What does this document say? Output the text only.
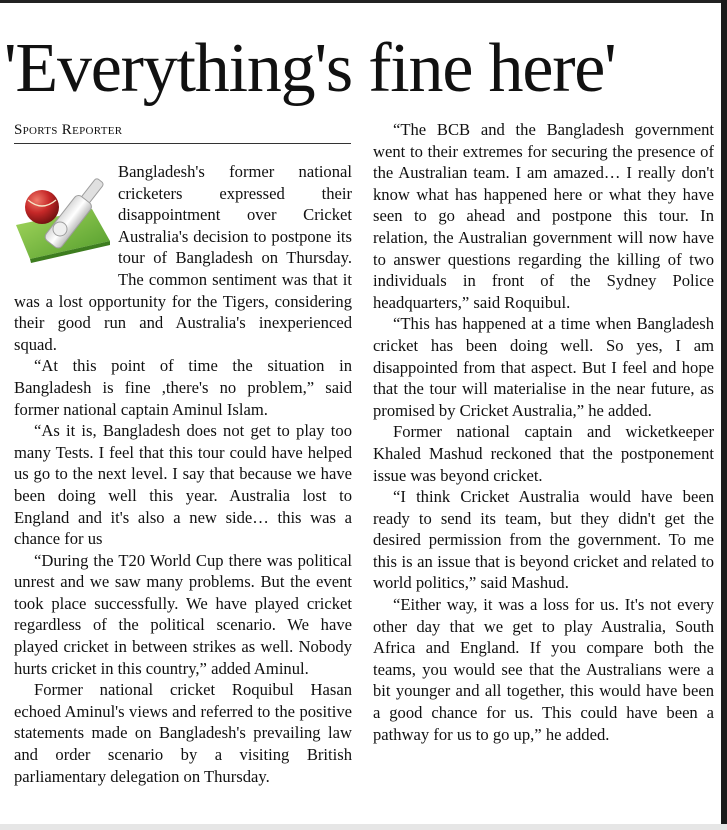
'Everything's fine here'
Sports Reporter

Bangladesh's former national cricketers expressed their disappointment over Cricket Australia's decision to postpone its tour of Bangladesh on Thursday. The common sentiment was that it was a lost opportunity for the Tigers, considering their good run and Australia's inexperienced squad.

“At this point of time the situation in Bangladesh is fine ,there's no problem,” said former national captain Aminul Islam.

“As it is, Bangladesh does not get to play too many Tests. I feel that this tour could have helped us go to the next level. I say that because we have been doing well this year. Australia lost to England and it's also a new side… this was a chance for us

“During the T20 World Cup there was political unrest and we saw many problems. But the event took place successfully. We have played cricket regardless of the political scenario. We have played cricket in between strikes as well. Nobody hurts cricket in this country,” added Aminul.

Former national cricket Roquibul Hasan echoed Aminul's views and referred to the positive statements made on Bangladesh's prevailing law and order scenario by a visiting British parliamentary delegation on Thursday.

“The BCB and the Bangladesh government went to their extremes for securing the presence of the Australian team. I am amazed… I really don't know what has happened here or what they have seen to go ahead and postpone this tour. In relation, the Australian government will now have to answer questions regarding the killing of two individuals in front of the Sydney Police headquarters,” said Roquibul.

“This has happened at a time when Bangladesh cricket has been doing well. So yes, I am disappointed from that aspect. But I feel and hope that the tour will materialise in the near future, as promised by Cricket Australia,” he added.

Former national captain and wicketkeeper Khaled Mashud reckoned that the postponement issue was beyond cricket.

“I think Cricket Australia would have been ready to send its team, but they didn't get the desired permission from the government. To me this is an issue that is beyond cricket and related to world politics,” said Mashud.

“Either way, it was a loss for us. It's not every other day that we get to play Australia, South Africa and England. If you compare both the teams, you would see that the Australians were a bit younger and all together, this would have been a good chance for us. This could have been a pathway for us to go up,” he added.
